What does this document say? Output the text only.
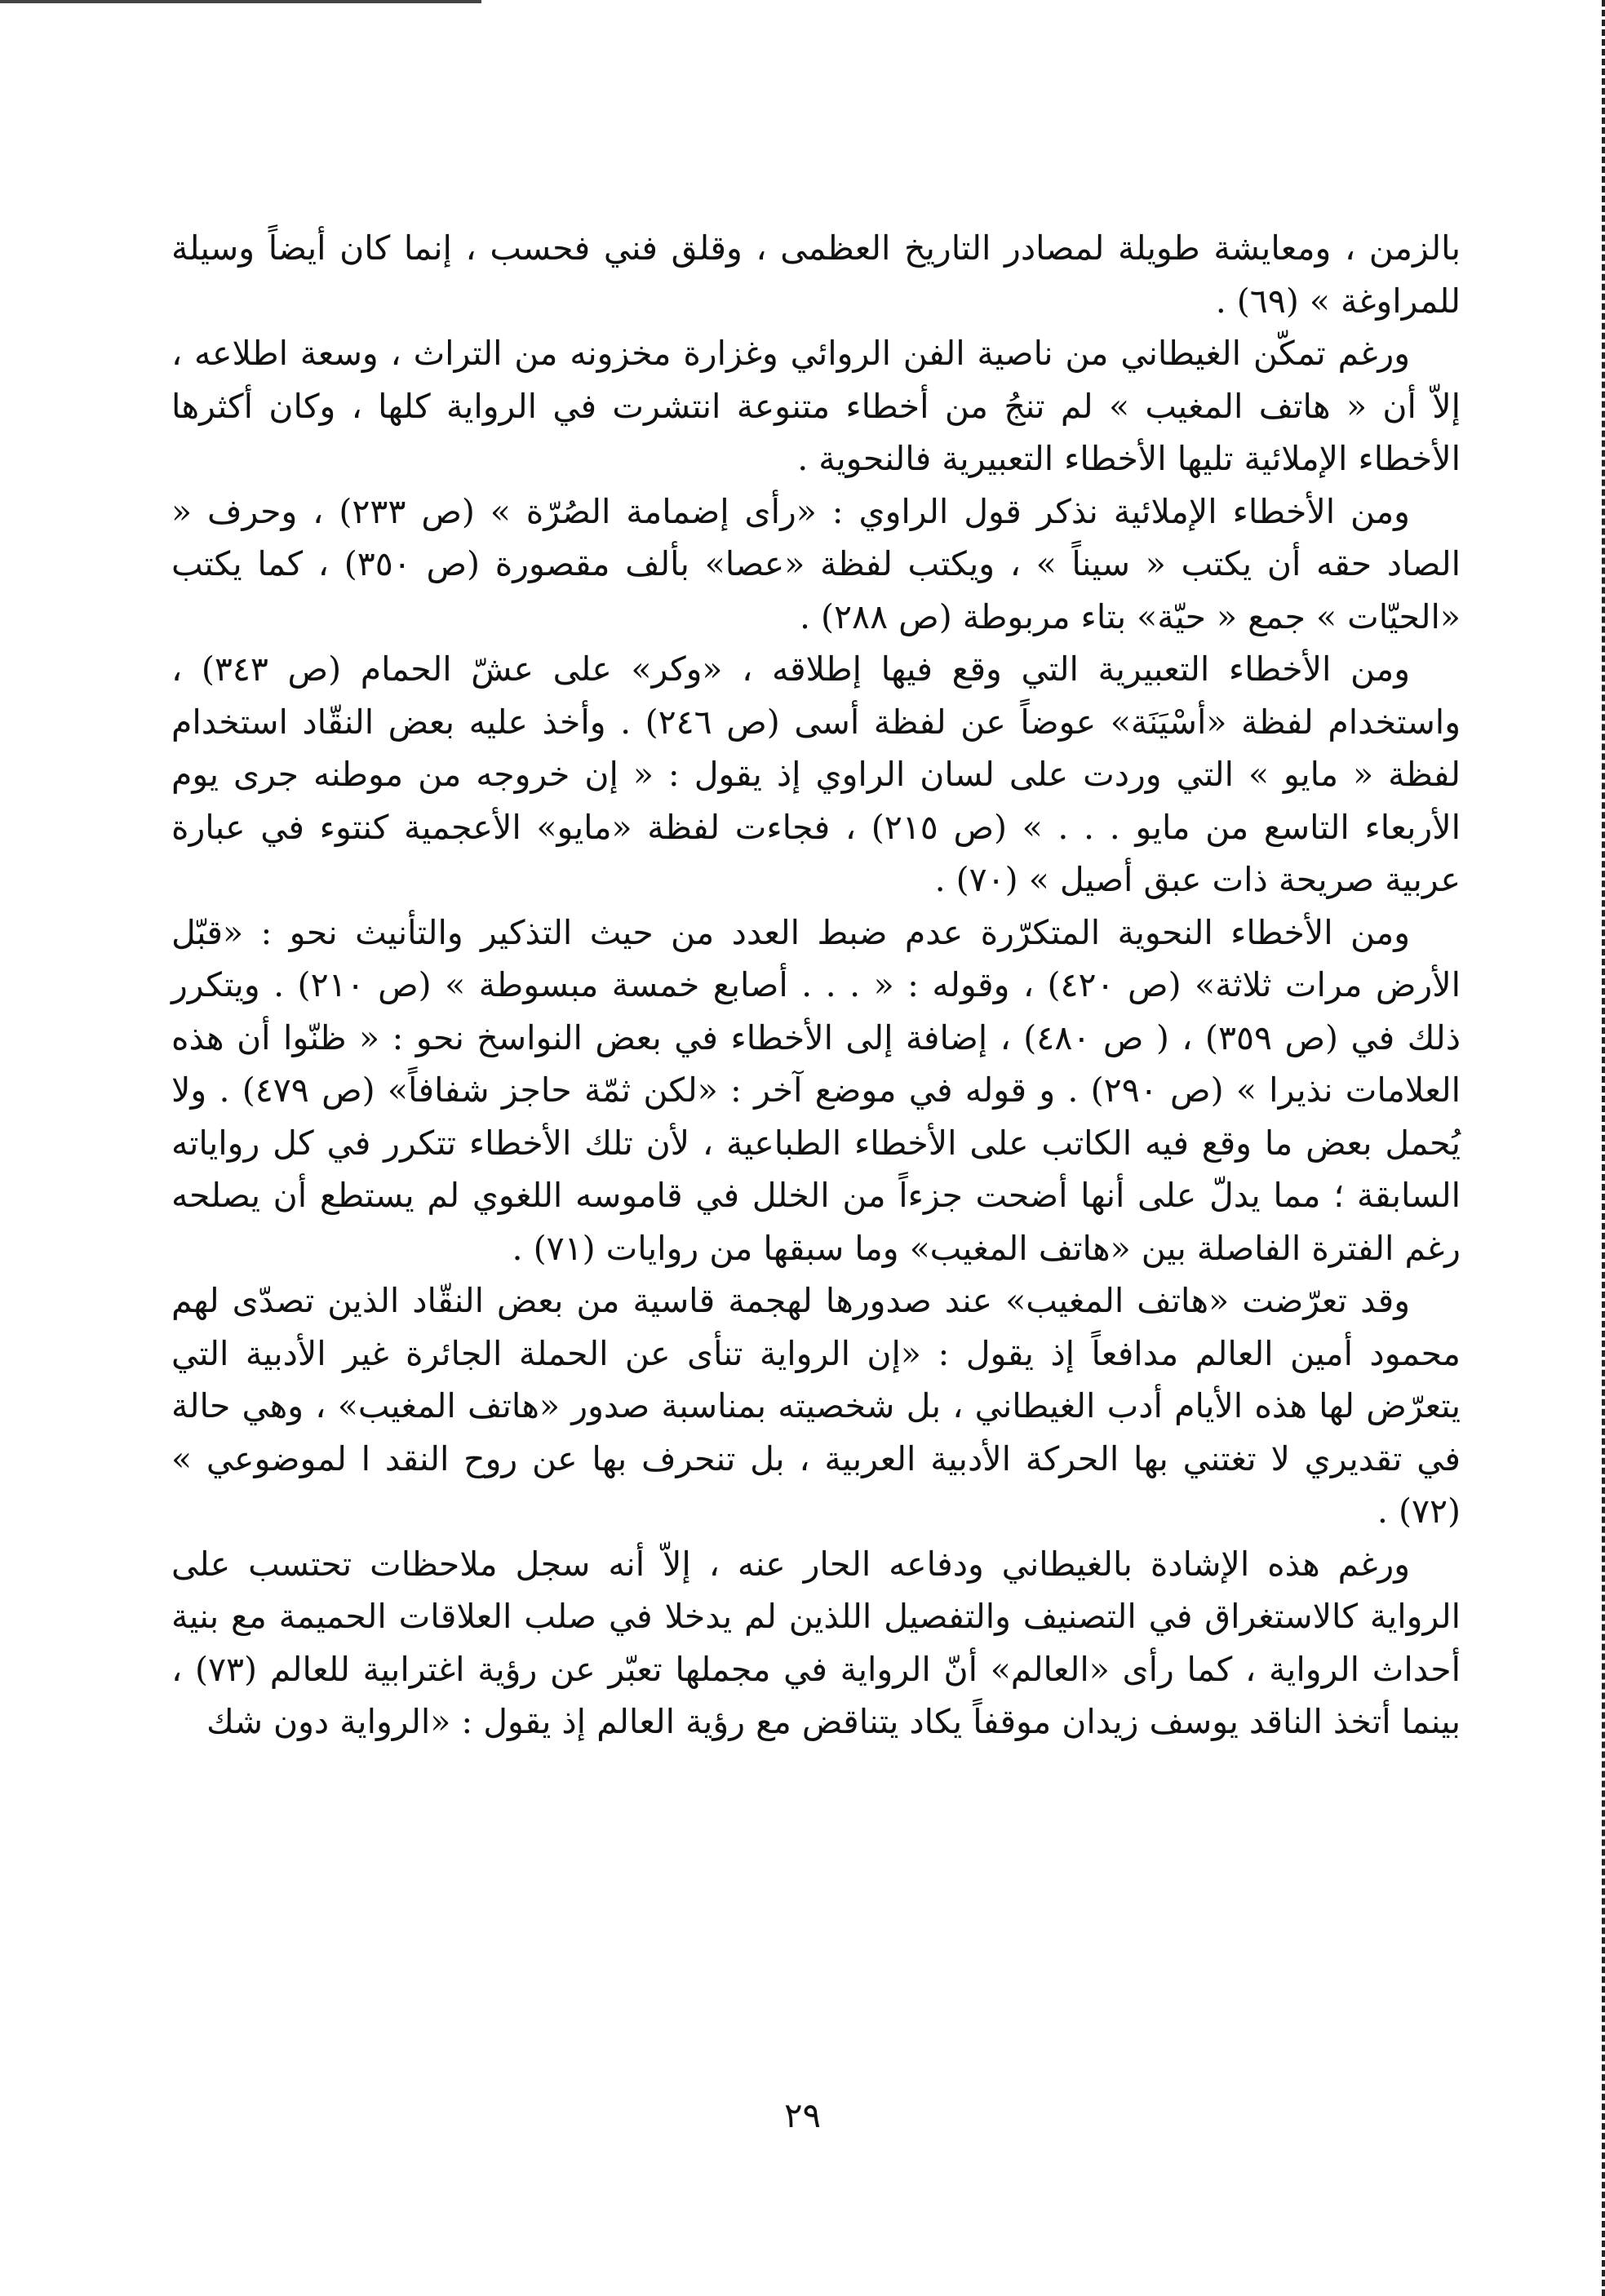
بالزمن ، ومعايشة طويلة لمصادر التاريخ العظمى ، وقلق فني فحسب ، إنما كان أيضاً وسيلة للمراوغة » (٦٩) .

ورغم تمكّن الغيطاني من ناصية الفن الروائي وغزارة مخزونه من التراث ، وسعة اطلاعه ، إلاّ أن « هاتف المغيب » لم تنجُ من أخطاء متنوعة انتشرت في الرواية كلها ، وكان أكثرها الأخطاء الإملائية تليها الأخطاء التعبيرية فالنحوية .

ومن الأخطاء الإملائية نذكر قول الراوي : «رأى إضمامة الصُرّة » (ص ٢٣٣) ، وحرف « الصاد حقه أن يكتب « سيناً » ، ويكتب لفظة «عصا» بألف مقصورة (ص ٣٥٠) ، كما يكتب «الحيّات » جمع « حيّة» بتاء مربوطة (ص ٢٨٨) .

ومن الأخطاء التعبيرية التي وقع فيها إطلاقه ، «وكر» على عشّ الحمام (ص ٣٤٣) ، واستخدام لفظة «أسْيَنَة» عوضاً عن لفظة أسى (ص ٢٤٦) . وأخذ عليه بعض النقّاد استخدام لفظة « مايو » التي وردت على لسان الراوي إذ يقول : « إن خروجه من موطنه جرى يوم الأربعاء التاسع من مايو . . . » (ص ٢١٥) ، فجاءت لفظة «مايو» الأعجمية كنتوء في عبارة عربية صريحة ذات عبق أصيل » (٧٠) .

ومن الأخطاء النحوية المتكرّرة عدم ضبط العدد من حيث التذكير والتأنيث نحو : «قبّل الأرض مرات ثلاثة» (ص ٤٢٠) ، وقوله : « . . . أصابع خمسة مبسوطة » (ص ٢١٠) . ويتكرر ذلك في (ص ٣٥٩) ، ( ص ٤٨٠) ، إضافة إلى الأخطاء في بعض النواسخ نحو : « ظنّوا أن هذه العلامات نذيرا » (ص ٢٩٠) . و قوله في موضع آخر : «لكن ثمّة حاجز شفافاً» (ص ٤٧٩) . ولا يُحمل بعض ما وقع فيه الكاتب على الأخطاء الطباعية ، لأن تلك الأخطاء تتكرر في كل رواياته السابقة ؛ مما يدلّ على أنها أضحت جزءاً من الخلل في قاموسه اللغوي لم يستطع أن يصلحه رغم الفترة الفاصلة بين «هاتف المغيب» وما سبقها من روايات (٧١) .

وقد تعرّضت «هاتف المغيب» عند صدورها لهجمة قاسية من بعض النقّاد الذين تصدّى لهم محمود أمين العالم مدافعاً إذ يقول : «إن الرواية تنأى عن الحملة الجائرة غير الأدبية التي يتعرّض لها هذه الأيام أدب الغيطاني ، بل شخصيته بمناسبة صدور «هاتف المغيب» ، وهي حالة في تقديري لا تغتني بها الحركة الأدبية العربية ، بل تنحرف بها عن روح النقد ا لموضوعي » (٧٢) .

ورغم هذه الإشادة بالغيطاني ودفاعه الحار عنه ، إلاّ أنه سجل ملاحظات تحتسب على الرواية كالاستغراق في التصنيف والتفصيل اللذين لم يدخلا في صلب العلاقات الحميمة مع بنية أحداث الرواية ، كما رأى «العالم» أنّ الرواية في مجملها تعبّر عن رؤية اغترابية للعالم (٧٣) ، بينما أتخذ الناقد يوسف زيدان موقفاً يكاد يتناقض مع رؤية العالم إذ يقول : «الرواية دون شك

٢٩
